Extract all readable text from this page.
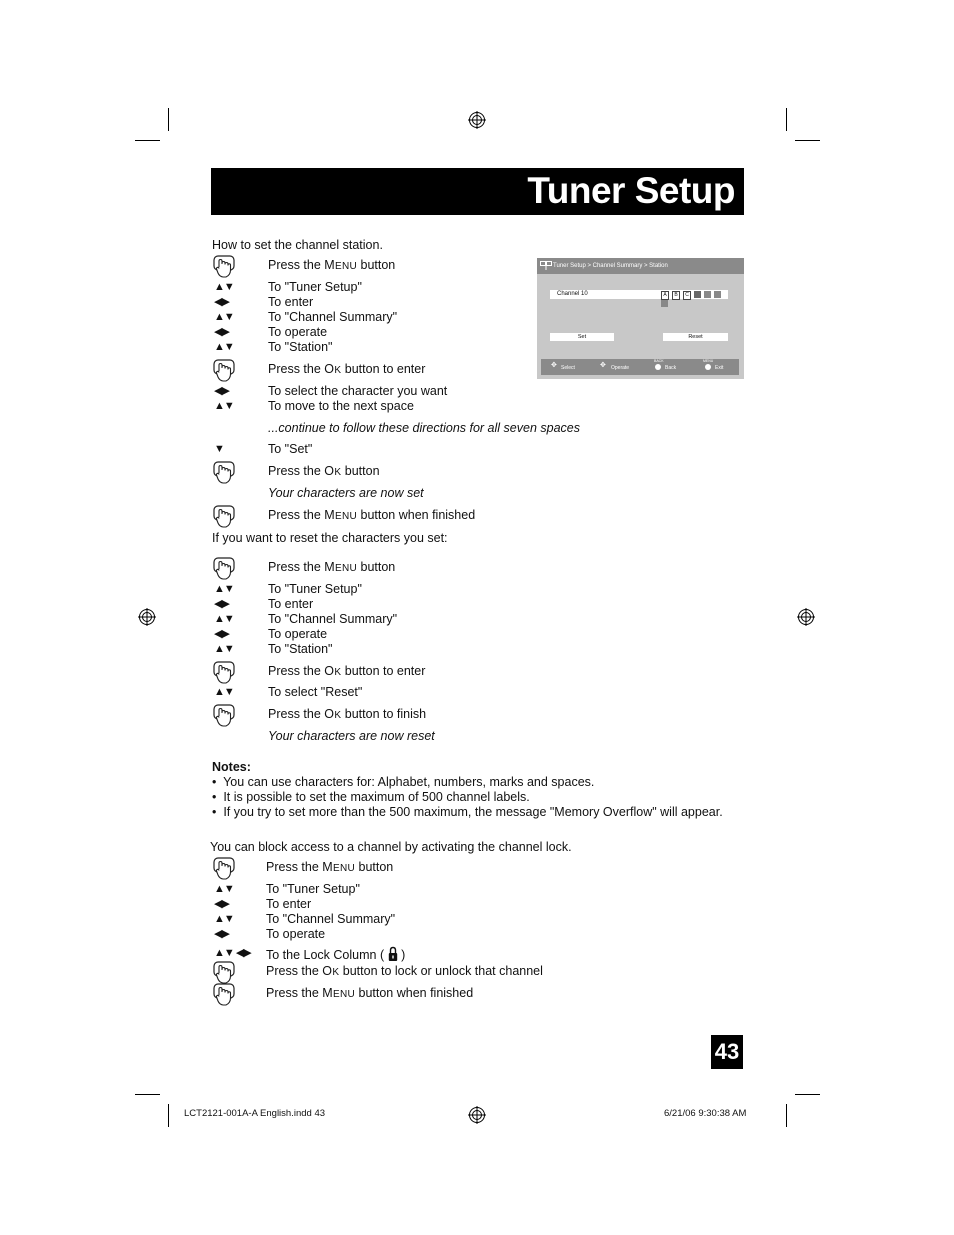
Tuner Setup
How to set the channel station.
If you want to reset the characters you set:
You can block access to a channel by activating the channel lock.
Press the MENU button
▲▼	To "Tuner Setup"
◀▶	To enter
▲▼	To "Channel Summary"
◀▶	To operate
▲▼	To "Station"
Press the OK button to enter
◀▶	To select the character you want
▲▼	To move to the next space
...continue to follow these directions for all seven spaces
▼	To "Set"
Press the OK button
Your characters are now set
Press the MENU button when finished
Press the MENU button
▲▼	To "Tuner Setup"
◀▶	To enter
▲▼	To "Channel Summary"
◀▶	To operate
▲▼	To "Station"
Press the OK button to enter
▲▼	To select "Reset"
Press the OK button to finish
Your characters are now reset
Press the MENU button
▲▼	To "Tuner Setup"
◀▶	To enter
▲▼	To "Channel Summary"
◀▶	To operate
▲▼ ◀▶ To the Lock Column (  )
Press the OK button to lock or unlock that channel
Press the MENU button when finished
Notes:
•  You can use characters for: Alphabet, numbers, marks and spaces.
•  It is possible to set the maximum of 500 channel labels.
•  If you try to set more than the 500 maximum, the message "Memory Overflow" will appear.
Tuner Setup > Channel Summary > Station
Channel 10	A B C
Set	Reset
✥ Select	✥ Operate
BACK
Back
MENU
Exit
43
LCT2121-001A-A English.indd 43	6/21/06 9:30:38 AM
